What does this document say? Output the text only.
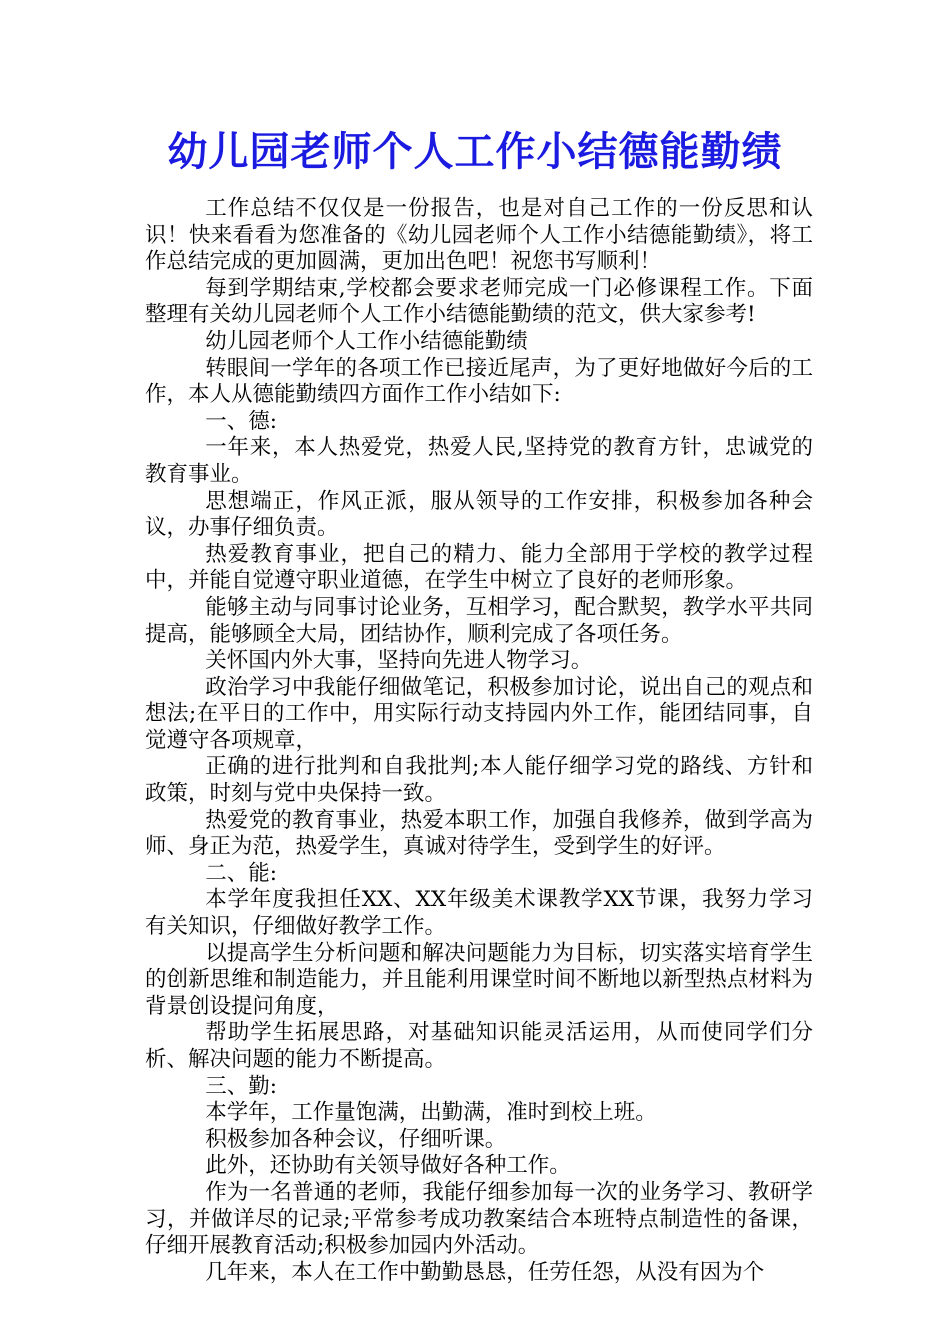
幼儿园老师个人工作小结德能勤绩

工作总结不仅仅是一份报告，也是对自己工作的一份反思和认识！快来看看为您准备的《幼儿园老师个人工作小结德能勤绩》，将工作总结完成的更加圆满，更加出色吧！祝您书写顺利！

每到学期结束,学校都会要求老师完成一门必修课程工作。下面整理有关幼儿园老师个人工作小结德能勤绩的范文，供大家参考!

幼儿园老师个人工作小结德能勤绩

转眼间一学年的各项工作已接近尾声，为了更好地做好今后的工作，本人从德能勤绩四方面作工作小结如下:

一、德:

一年来，本人热爱党，热爱人民,坚持党的教育方针，忠诚党的教育事业。

思想端正，作风正派，服从领导的工作安排，积极参加各种会议，办事仔细负责。

热爱教育事业，把自己的精力、能力全部用于学校的教学过程中，并能自觉遵守职业道德，在学生中树立了良好的老师形象。

能够主动与同事讨论业务，互相学习，配合默契，教学水平共同提高，能够顾全大局，团结协作，顺利完成了各项任务。

关怀国内外大事，坚持向先进人物学习。

政治学习中我能仔细做笔记，积极参加讨论，说出自己的观点和想法;在平日的工作中，用实际行动支持园内外工作，能团结同事，自觉遵守各项规章，

正确的进行批判和自我批判;本人能仔细学习党的路线、方针和政策，时刻与党中央保持一致。

热爱党的教育事业，热爱本职工作，加强自我修养，做到学高为师、身正为范，热爱学生，真诚对待学生，受到学生的好评。

二、能:

本学年度我担任XX、XX年级美术课教学XX节课，我努力学习有关知识，仔细做好教学工作。

以提高学生分析问题和解决问题能力为目标，切实落实培育学生的创新思维和制造能力，并且能利用课堂时间不断地以新型热点材料为背景创设提问角度，

帮助学生拓展思路，对基础知识能灵活运用，从而使同学们分析、解决问题的能力不断提高。

三、勤:

本学年，工作量饱满，出勤满，准时到校上班。

积极参加各种会议，仔细听课。

此外，还协助有关领导做好各种工作。

作为一名普通的老师，我能仔细参加每一次的业务学习、教研学习，并做详尽的记录;平常参考成功教案结合本班特点制造性的备课，仔细开展教育活动;积极参加园内外活动。

几年来，本人在工作中勤勤恳恳，任劳任怨，从没有因为个
